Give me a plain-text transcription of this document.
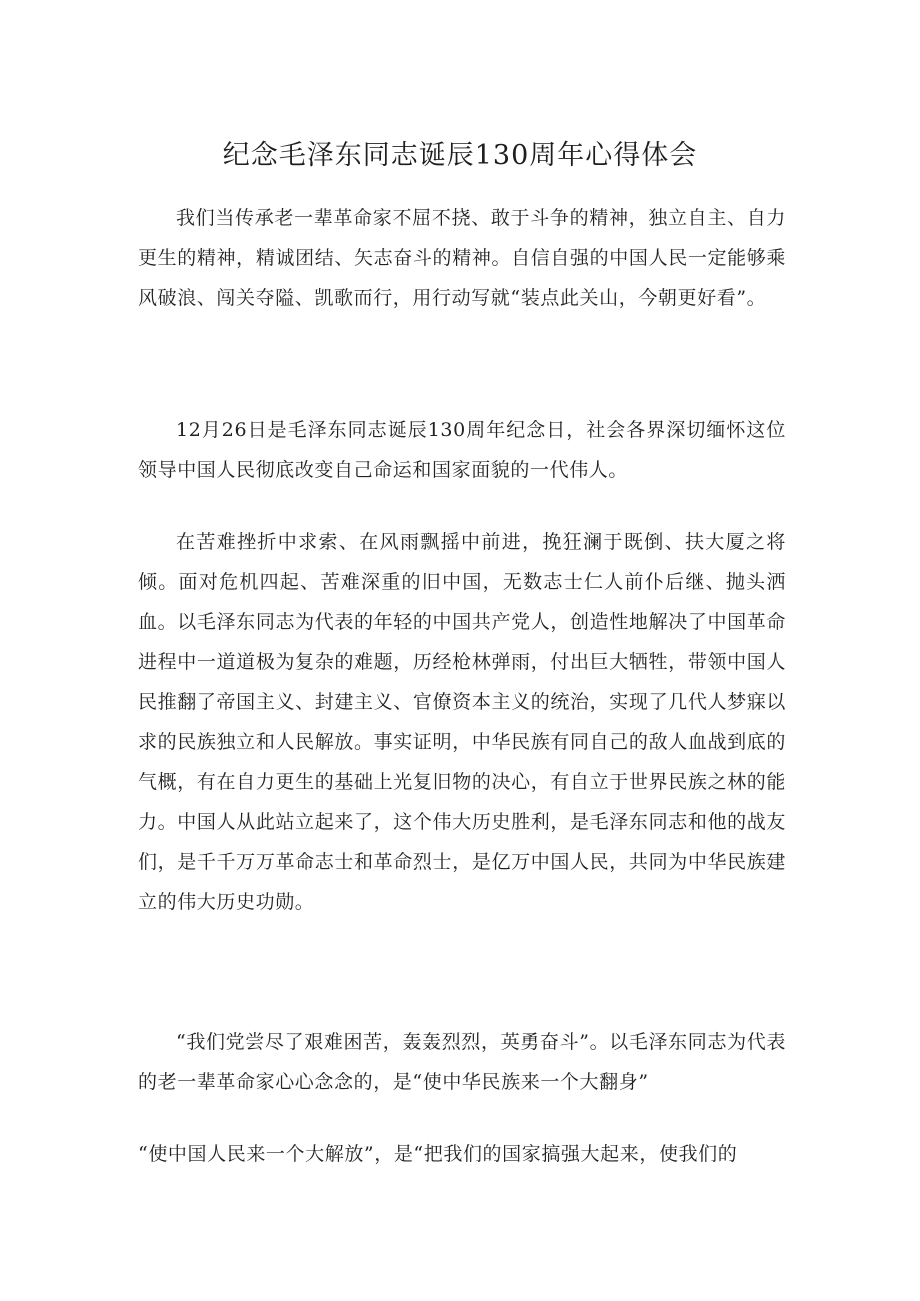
纪念毛泽东同志诞辰130周年心得体会

我们当传承老一辈革命家不屈不挠、敢于斗争的精神，独立自主、自力更生的精神，精诚团结、矢志奋斗的精神。自信自强的中国人民一定能够乘风破浪、闯关夺隘、凯歌而行，用行动写就“装点此关山，今朝更好看”。

12月26日是毛泽东同志诞辰130周年纪念日，社会各界深切缅怀这位领导中国人民彻底改变自己命运和国家面貌的一代伟人。

在苦难挫折中求索、在风雨飘摇中前进，挽狂澜于既倒、扶大厦之将倾。面对危机四起、苦难深重的旧中国，无数志士仁人前仆后继、抛头洒血。以毛泽东同志为代表的年轻的中国共产党人，创造性地解决了中国革命进程中一道道极为复杂的难题，历经枪林弹雨，付出巨大牺牲，带领中国人民推翻了帝国主义、封建主义、官僚资本主义的统治，实现了几代人梦寐以求的民族独立和人民解放。事实证明，中华民族有同自己的敌人血战到底的气概，有在自力更生的基础上光复旧物的决心，有自立于世界民族之林的能力。中国人从此站立起来了，这个伟大历史胜利，是毛泽东同志和他的战友们，是千千万万革命志士和革命烈士，是亿万中国人民，共同为中华民族建立的伟大历史功勋。

“我们党尝尽了艰难困苦，轰轰烈烈，英勇奋斗”。以毛泽东同志为代表的老一辈革命家心心念念的，是“使中华民族来一个大翻身”

“使中国人民来一个大解放”，是“把我们的国家搞强大起来，使我们的
